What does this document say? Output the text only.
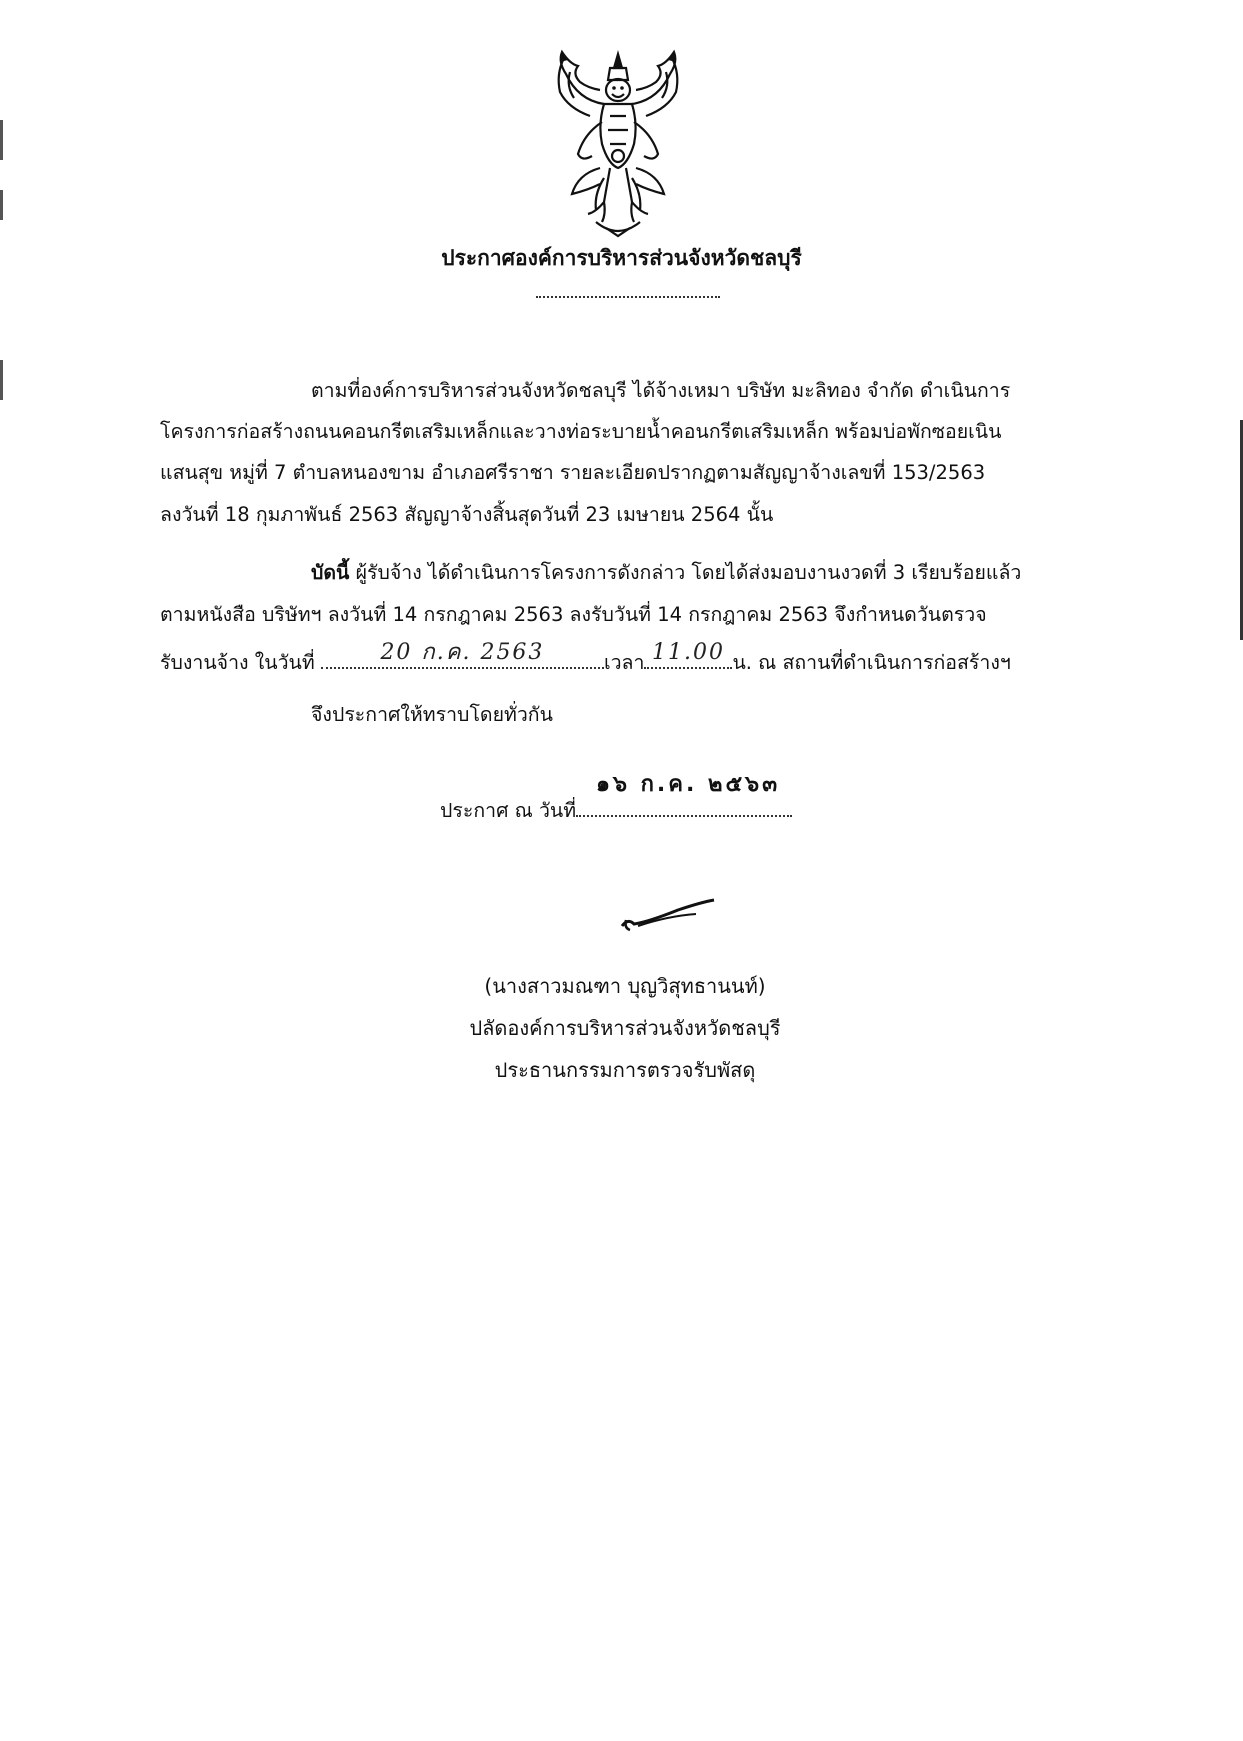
ประกาศองค์การบริหารส่วนจังหวัดชลบุรี
ตามที่องค์การบริหารส่วนจังหวัดชลบุรี ได้จ้างเหมา บริษัท มะลิทอง จำกัด ดำเนินการ
โครงการก่อสร้างถนนคอนกรีตเสริมเหล็กและวางท่อระบายน้ำคอนกรีตเสริมเหล็ก พร้อมบ่อพักซอยเนิน
แสนสุข หมู่ที่ 7 ตำบลหนองขาม อำเภอศรีราชา รายละเอียดปรากฏตามสัญญาจ้างเลขที่ 153/2563
ลงวันที่ 18 กุมภาพันธ์ 2563 สัญญาจ้างสิ้นสุดวันที่ 23 เมษายน 2564 นั้น
บัดนี้ ผู้รับจ้าง ได้ดำเนินการโครงการดังกล่าว โดยได้ส่งมอบงานงวดที่ 3 เรียบร้อยแล้ว
ตามหนังสือ บริษัทฯ ลงวันที่ 14 กรกฎาคม 2563 ลงรับวันที่ 14 กรกฎาคม 2563 จึงกำหนดวันตรวจ
รับงานจ้าง ในวันที่	20 ก.ค. 2563	เวลา 11.00 น. ณ สถานที่ดำเนินการก่อสร้างฯ
จึงประกาศให้ทราบโดยทั่วกัน
๑๖ ก.ค. ๒๕๖๓
ประกาศ ณ วันที่
(นางสาวมณฑา บุญวิสุทธานนท์)
ปลัดองค์การบริหารส่วนจังหวัดชลบุรี
ประธานกรรมการตรวจรับพัสดุ
